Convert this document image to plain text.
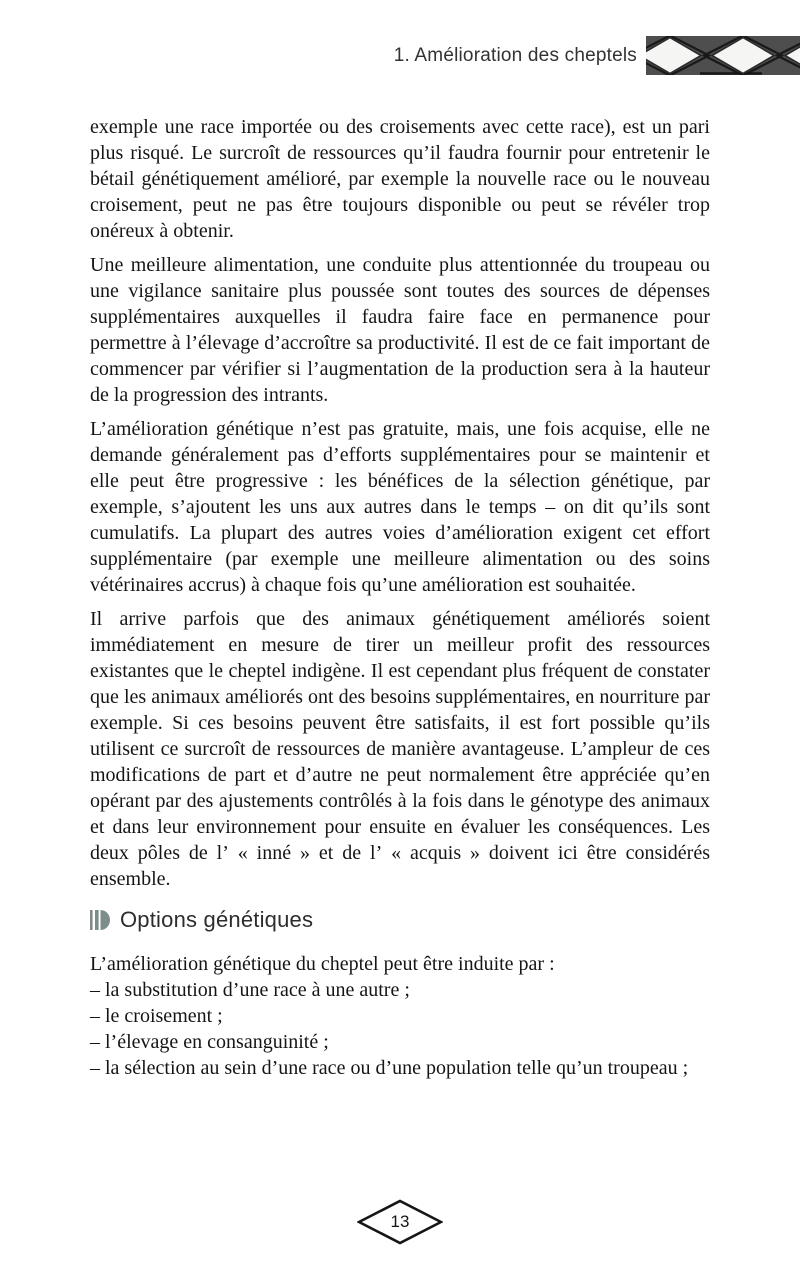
1. Amélioration des cheptels

exemple une race importée ou des croisements avec cette race), est un pari plus risqué. Le surcroît de ressources qu’il faudra fournir pour entretenir le bétail génétiquement amélioré, par exemple la nouvelle race ou le nouveau croisement, peut ne pas être toujours disponible ou peut se révéler trop onéreux à obtenir.

Une meilleure alimentation, une conduite plus attentionnée du troupeau ou une vigilance sanitaire plus poussée sont toutes des sources de dépenses supplémentaires auxquelles il faudra faire face en permanence pour permettre à l’élevage d’accroître sa productivité. Il est de ce fait important de commencer par vérifier si l’augmentation de la production sera à la hauteur de la progression des intrants.

L’amélioration génétique n’est pas gratuite, mais, une fois acquise, elle ne demande généralement pas d’efforts supplémentaires pour se maintenir et elle peut être progressive : les bénéfices de la sélection génétique, par exemple, s’ajoutent les uns aux autres dans le temps – on dit qu’ils sont cumulatifs. La plupart des autres voies d’amélioration exigent cet effort supplémentaire (par exemple une meilleure alimentation ou des soins vétérinaires accrus) à chaque fois qu’une amélioration est souhaitée.

Il arrive parfois que des animaux génétiquement améliorés soient immédiatement en mesure de tirer un meilleur profit des ressources existantes que le cheptel indigène. Il est cependant plus fréquent de constater que les animaux améliorés ont des besoins supplémentaires, en nourriture par exemple. Si ces besoins peuvent être satisfaits, il est fort possible qu’ils utilisent ce surcroît de ressources de manière avantageuse. L’ampleur de ces modifications de part et d’autre ne peut normalement être appréciée qu’en opérant par des ajustements contrôlés à la fois dans le génotype des animaux et dans leur environnement pour ensuite en évaluer les conséquences. Les deux pôles de l’ « inné » et de l’ « acquis » doivent ici être considérés ensemble.

Options génétiques

L’amélioration génétique du cheptel peut être induite par :

– la substitution d’une race à une autre ;

– le croisement ;

– l’élevage en consanguinité ;

– la sélection au sein d’une race ou d’une population telle qu’un troupeau ;

13
